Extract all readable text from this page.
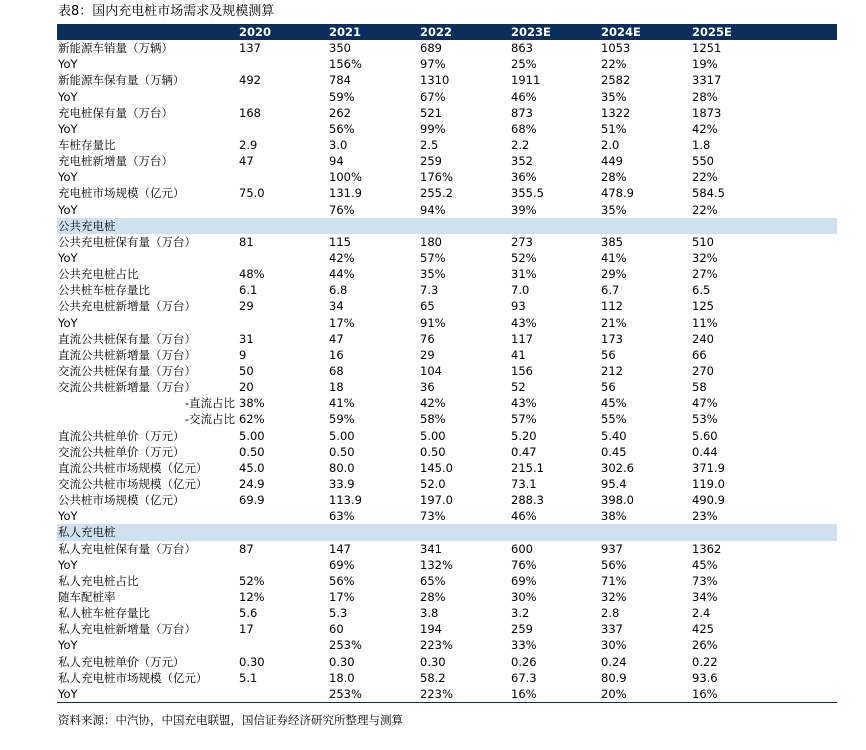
表8：国内充电桩市场需求及规模测算
	2020	2021	2022	2023E	2024E	2025E
新能源车销量（万辆）	137	350	689	863	1053	1251
YoY		156%	97%	25%	22%	19%
新能源车保有量（万辆）	492	784	1310	1911	2582	3317
YoY		59%	67%	46%	35%	28%
充电桩保有量（万台）	168	262	521	873	1322	1873
YoY		56%	99%	68%	51%	42%
车桩存量比	2.9	3.0	2.5	2.2	2.0	1.8
充电桩新增量（万台）	47	94	259	352	449	550
YoY		100%	176%	36%	28%	22%
充电桩市场规模（亿元）	75.0	131.9	255.2	355.5	478.9	584.5
YoY		76%	94%	39%	35%	22%
公共充电桩						
公共充电桩保有量（万台）	81	115	180	273	385	510
YoY		42%	57%	52%	41%	32%
公共充电桩占比	48%	44%	35%	31%	29%	27%
公共桩车桩存量比	6.1	6.8	7.3	7.0	6.7	6.5
公共充电桩新增量（万台）	29	34	65	93	112	125
YoY		17%	91%	43%	21%	11%
直流公共桩保有量（万台）	31	47	76	117	173	240
直流公共桩新增量（万台）	9	16	29	41	56	66
交流公共桩保有量（万台）	50	68	104	156	212	270
交流公共桩新增量（万台）	20	18	36	52	56	58
-直流占比	38%	41%	42%	43%	45%	47%
-交流占比	62%	59%	58%	57%	55%	53%
直流公共桩单价（万元）	5.00	5.00	5.00	5.20	5.40	5.60
交流公共桩单价（万元）	0.50	0.50	0.50	0.47	0.45	0.44
直流公共桩市场规模（亿元）	45.0	80.0	145.0	215.1	302.6	371.9
交流公共桩市场规模（亿元）	24.9	33.9	52.0	73.1	95.4	119.0
公共桩市场规模（亿元）	69.9	113.9	197.0	288.3	398.0	490.9
YoY		63%	73%	46%	38%	23%
私人充电桩						
私人充电桩保有量（万台）	87	147	341	600	937	1362
YoY		69%	132%	76%	56%	45%
私人充电桩占比	52%	56%	65%	69%	71%	73%
随车配桩率	12%	17%	28%	30%	32%	34%
私人桩车桩存量比	5.6	5.3	3.8	3.2	2.8	2.4
私人充电桩新增量（万台）	17	60	194	259	337	425
YoY		253%	223%	33%	30%	26%
私人充电桩单价（万元）	0.30	0.30	0.30	0.26	0.24	0.22
私人充电桩市场规模（亿元）	5.1	18.0	58.2	67.3	80.9	93.6
YoY		253%	223%	16%	20%	16%
资料来源：中汽协，中国充电联盟，国信证券经济研究所整理与测算
